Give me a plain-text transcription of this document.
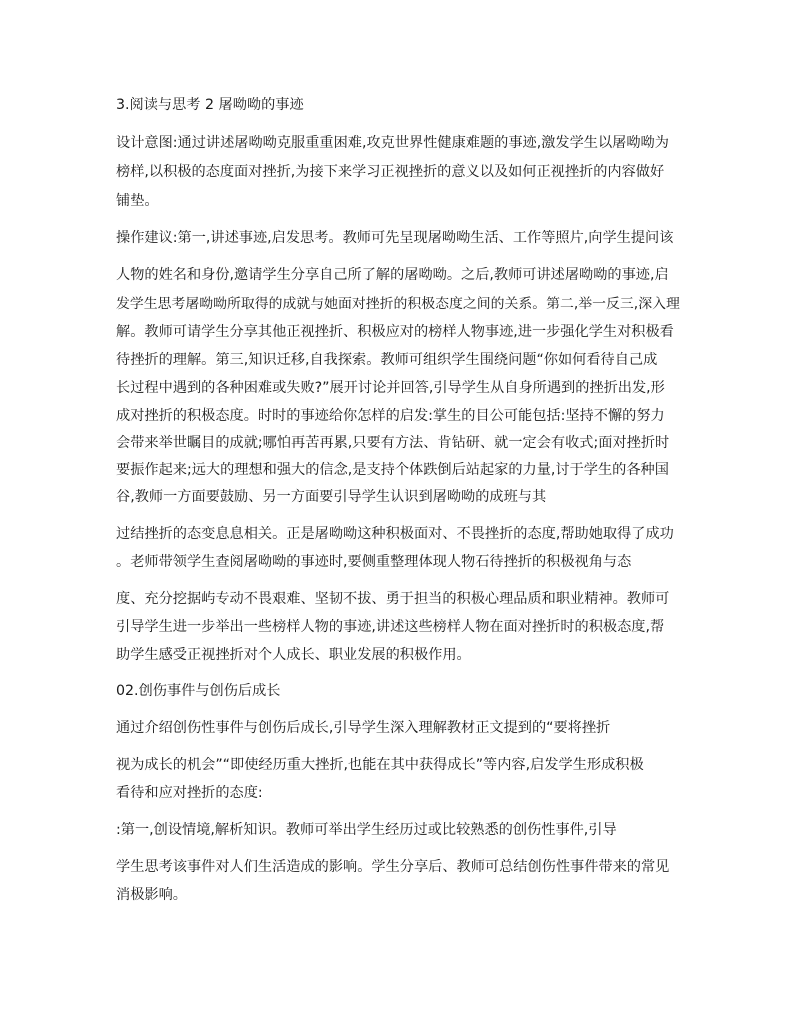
3.阅读与思考 2 屠呦呦的事迹
设计意图:通过讲述屠呦呦克服重重困难,攻克世界性健康难题的事迹,激发学生以屠呦呦为
榜样,以积极的态度面对挫折,为接下来学习正视挫折的意义以及如何正视挫折的内容做好
铺垫。
操作建议:第一,讲述事迹,启发思考。教师可先呈现屠呦呦生活、工作等照片,向学生提问该
人物的姓名和身份,邀请学生分享自己所了解的屠呦呦。之后,教师可讲述屠呦呦的事迹,启
发学生思考屠呦呦所取得的成就与她面对挫折的积极态度之间的关系。第二,举一反三,深入理
解。教师可请学生分享其他正视挫折、积极应对的榜样人物事迹,进一步强化学生对积极看
待挫折的理解。第三,知识迁移,自我探索。教师可组织学生围绕问题“你如何看待自己成
长过程中遇到的各种困难或失败?”展开讨论并回答,引导学生从自身所遇到的挫折出发,形
成对挫折的积极态度。时时的事迹给你怎样的启发:掌生的目公可能包括:坚持不懈的努力
会带来举世瞩目的成就;哪怕再苦再累,只要有方法、肯钻研、就一定会有收式;面对挫折时
要振作起来;远大的理想和强大的信念,是支持个体跌倒后站起家的力量,讨于学生的各种国
谷,教师一方面要鼓励、另一方面要引导学生认识到屠呦呦的成班与其
过结挫折的态变息息相关。正是屠呦呦这种积极面对、不畏挫折的态度,帮助她取得了成功
。老师带领学生查阅屠呦呦的事迹时,要侧重整理体现人物石待挫折的积极视角与态
度、充分挖据屿专动不畏艰难、坚韧不拔、勇于担当的积极心理品质和职业精神。教师可
引导学生进一步举出一些榜样人物的事迹,讲述这些榜样人物在面对挫折时的积极态度,帮
助学生感受正视挫折对个人成长、职业发展的积极作用。
02.创伤事件与创伤后成长
通过介绍创伤性事件与创伤后成长,引导学生深入理解教材正文提到的“要将挫折
视为成长的机会”“即使经历重大挫折,也能在其中获得成长”等内容,启发学生形成积极
看待和应对挫折的态度:
:第一,创设情境,解析知识。教师可举出学生经历过或比较熟悉的创伤性事件,引导
学生思考该事件对人们生活造成的影响。学生分享后、教师可总结创伤性事件带来的常见
消极影响。
